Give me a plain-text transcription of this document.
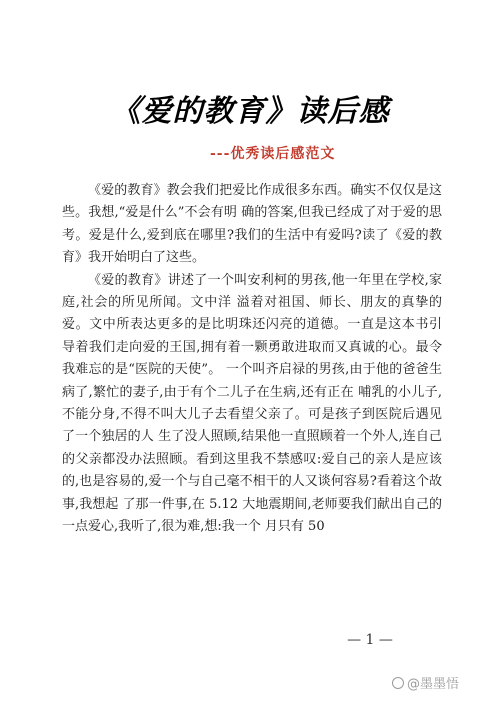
《爱的教育》读后感
---优秀读后感范文

《爱的教育》教会我们把爱比作成很多东西。确实不仅仅是这些。我想,“爱是什么”不会有明 确的答案,但我已经成了对于爱的思考。爱是什么,爱到底在哪里?我们的生活中有爱吗?读了《爱的教育》我开始明白了这些。

《爱的教育》讲述了一个叫安利柯的男孩,他一年里在学校,家庭,社会的所见所闻。文中洋 溢着对祖国、师长、朋友的真挚的爱。文中所表达更多的是比明珠还闪亮的道德。一直是这本书引 导着我们走向爱的王国,拥有着一颗勇敢进取而又真诚的心。最令我难忘的是“医院的天使”。 一个叫齐启禄的男孩,由于他的爸爸生病了,繁忙的妻子,由于有个二儿子在生病,还有正在 哺乳的小儿子,不能分身,不得不叫大儿子去看望父亲了。可是孩子到医院后遇见了一个独居的人 生了没人照顾,结果他一直照顾着一个外人,连自己的父亲都没办法照顾。看到这里我不禁感叹:爱自己的亲人是应该的,也是容易的,爱一个与自己毫不相干的人又谈何容易?看着这个故事,我想起 了那一件事,在 5.12 大地震期间,老师要我们献出自己的一点爱心,我听了,很为难,想:我一个 月只有 50

— 1 —
@墨墨悟
